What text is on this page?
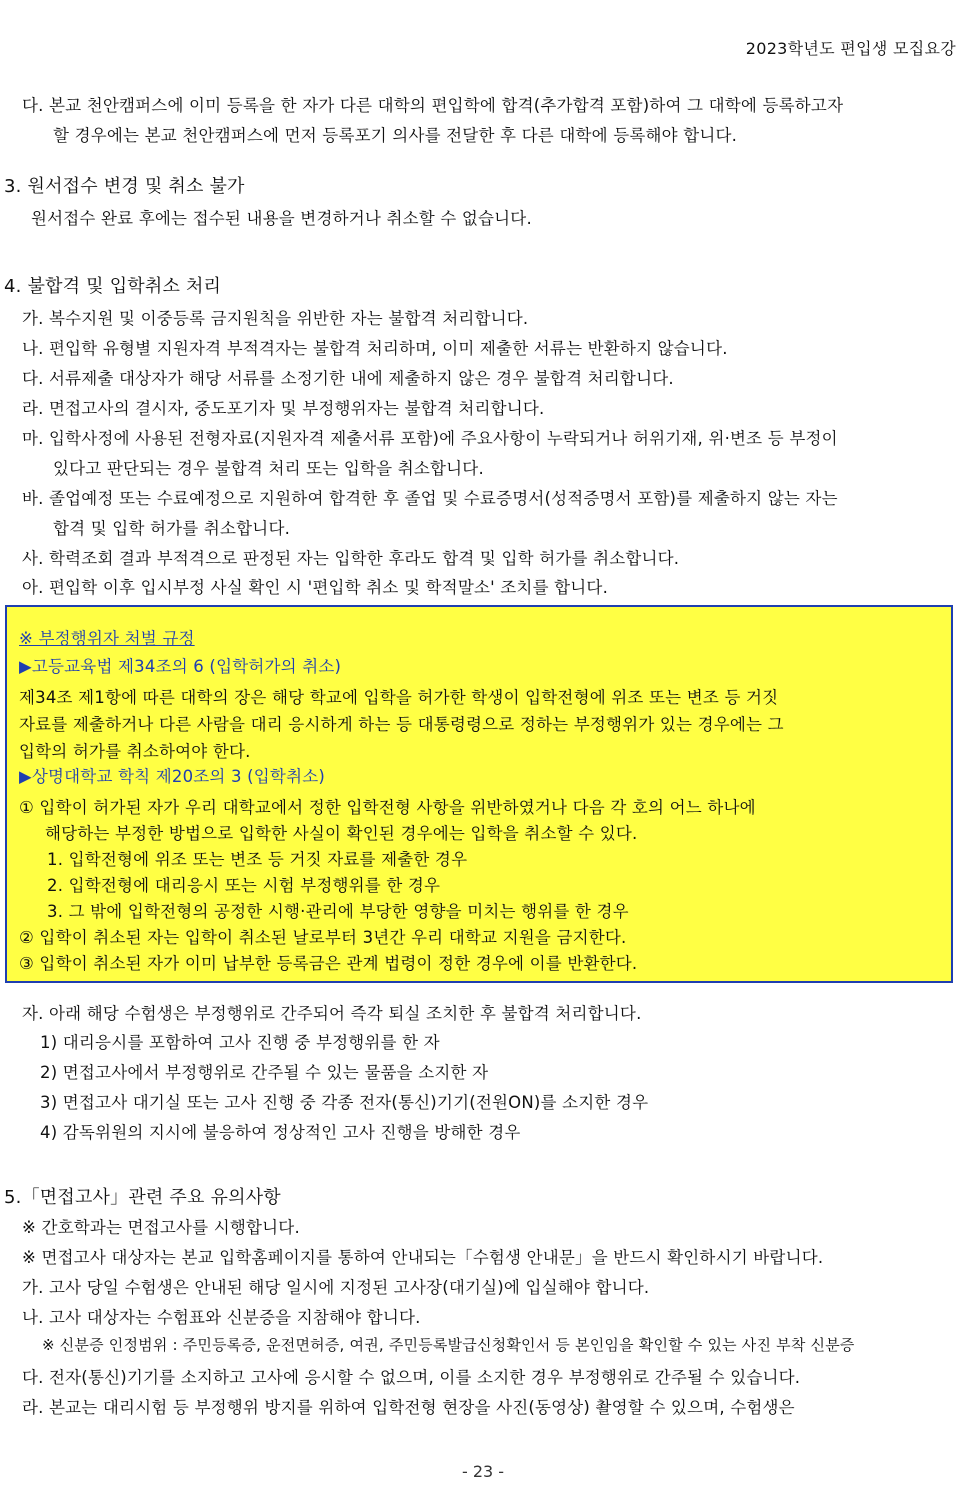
2023학년도 편입생 모집요강
다. 본교 천안캠퍼스에 이미 등록을 한 자가 다른 대학의 편입학에 합격(추가합격 포함)하여 그 대학에 등록하고자
할 경우에는 본교 천안캠퍼스에 먼저 등록포기 의사를 전달한 후 다른 대학에 등록해야 합니다.
3. 원서접수 변경 및 취소 불가
원서접수 완료 후에는 접수된 내용을 변경하거나 취소할 수 없습니다.
4. 불합격 및 입학취소 처리
가. 복수지원 및 이중등록 금지원칙을 위반한 자는 불합격 처리합니다.
나. 편입학 유형별 지원자격 부적격자는 불합격 처리하며, 이미 제출한 서류는 반환하지 않습니다.
다. 서류제출 대상자가 해당 서류를 소정기한 내에 제출하지 않은 경우 불합격 처리합니다.
라. 면접고사의 결시자, 중도포기자 및 부정행위자는 불합격 처리합니다.
마. 입학사정에 사용된 전형자료(지원자격 제출서류 포함)에 주요사항이 누락되거나 허위기재, 위·변조 등 부정이
있다고 판단되는 경우 불합격 처리 또는 입학을 취소합니다.
바. 졸업예정 또는 수료예정으로 지원하여 합격한 후 졸업 및 수료증명서(성적증명서 포함)를 제출하지 않는 자는
합격 및 입학 허가를 취소합니다.
사. 학력조회 결과 부적격으로 판정된 자는 입학한 후라도 합격 및 입학 허가를 취소합니다.
아. 편입학 이후 입시부정 사실 확인 시 '편입학 취소 및 학적말소' 조치를 합니다.
※ 부정행위자 처벌 규정
▶고등교육법 제34조의 6 (입학허가의 취소)
제34조 제1항에 따른 대학의 장은 해당 학교에 입학을 허가한 학생이 입학전형에 위조 또는 변조 등 거짓
자료를 제출하거나 다른 사람을 대리 응시하게 하는 등 대통령령으로 정하는 부정행위가 있는 경우에는 그
입학의 허가를 취소하여야 한다.
▶상명대학교 학칙 제20조의 3 (입학취소)
① 입학이 허가된 자가 우리 대학교에서 정한 입학전형 사항을 위반하였거나 다음 각 호의 어느 하나에
해당하는 부정한 방법으로 입학한 사실이 확인된 경우에는 입학을 취소할 수 있다.
1. 입학전형에 위조 또는 변조 등 거짓 자료를 제출한 경우
2. 입학전형에 대리응시 또는 시험 부정행위를 한 경우
3. 그 밖에 입학전형의 공정한 시행·관리에 부당한 영향을 미치는 행위를 한 경우
② 입학이 취소된 자는 입학이 취소된 날로부터 3년간 우리 대학교 지원을 금지한다.
③ 입학이 취소된 자가 이미 납부한 등록금은 관계 법령이 정한 경우에 이를 반환한다.
자. 아래 해당 수험생은 부정행위로 간주되어 즉각 퇴실 조치한 후 불합격 처리합니다.
1) 대리응시를 포함하여 고사 진행 중 부정행위를 한 자
2) 면접고사에서 부정행위로 간주될 수 있는 물품을 소지한 자
3) 면접고사 대기실 또는 고사 진행 중 각종 전자(통신)기기(전원ON)를 소지한 경우
4) 감독위원의 지시에 불응하여 정상적인 고사 진행을 방해한 경우
5.「면접고사」관련 주요 유의사항
※ 간호학과는 면접고사를 시행합니다.
※ 면접고사 대상자는 본교 입학홈페이지를 통하여 안내되는「수험생 안내문」을 반드시 확인하시기 바랍니다.
가. 고사 당일 수험생은 안내된 해당 일시에 지정된 고사장(대기실)에 입실해야 합니다.
나. 고사 대상자는 수험표와 신분증을 지참해야 합니다.
※ 신분증 인정범위 : 주민등록증, 운전면허증, 여권, 주민등록발급신청확인서 등 본인임을 확인할 수 있는 사진 부착 신분증
다. 전자(통신)기기를 소지하고 고사에 응시할 수 없으며, 이를 소지한 경우 부정행위로 간주될 수 있습니다.
라. 본교는 대리시험 등 부정행위 방지를 위하여 입학전형 현장을 사진(동영상) 촬영할 수 있으며, 수험생은
- 23 -
